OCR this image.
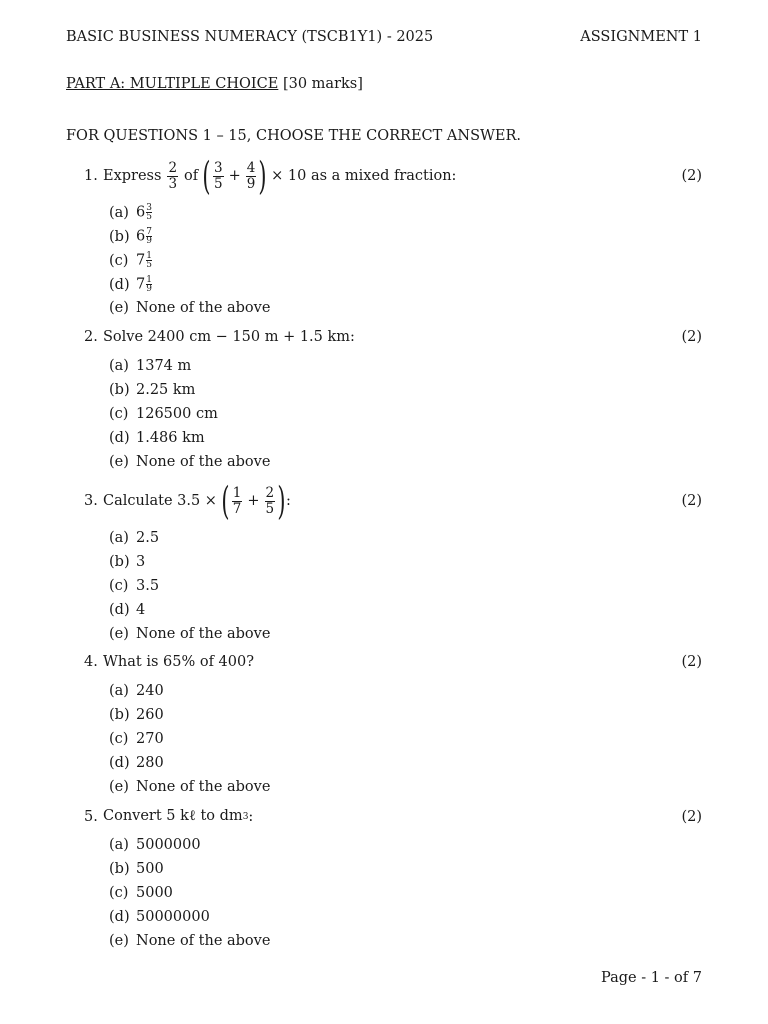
BASIC BUSINESS NUMERACY (TSCB1Y1) - 2025	ASSIGNMENT 1
PART A: MULTIPLE CHOICE [30 marks]
FOR QUESTIONS 1 – 15, CHOOSE THE CORRECT ANSWER.
1. Express $\frac{2}{3}$ of ( $\frac{3}{5} + \frac{4}{9}$ ) × 10 as a mixed fraction:	(2)
(a) $6 \frac{3}{5}$
(b) $6 \frac{7}{9}$
(c) $7 \frac{1}{5}$
(d) $7 \frac{1}{9}$
(e) None of the above
2. Solve 2400 cm − 150 m + 1.5 km:	(2)
(a) 1374 m
(b) 2.25 km
(c) 126500 cm
(d) 1.486 km
(e) None of the above
3. Calculate 3.5 × ( $\frac{1}{7} + \frac{2}{5}$ ) :	(2)
(a) 2.5
(b) 3
(c) 3.5
(d) 4
(e) None of the above
4. What is 65% of 400?	(2)
(a) 240
(b) 260
(c) 270
(d) 280
(e) None of the above
5. Convert 5 kℓ to dm 3 :	(2)
(a) 5000000
(b) 500
(c) 5000
(d) 50000000
(e) None of the above
Page - 1 - of 7
